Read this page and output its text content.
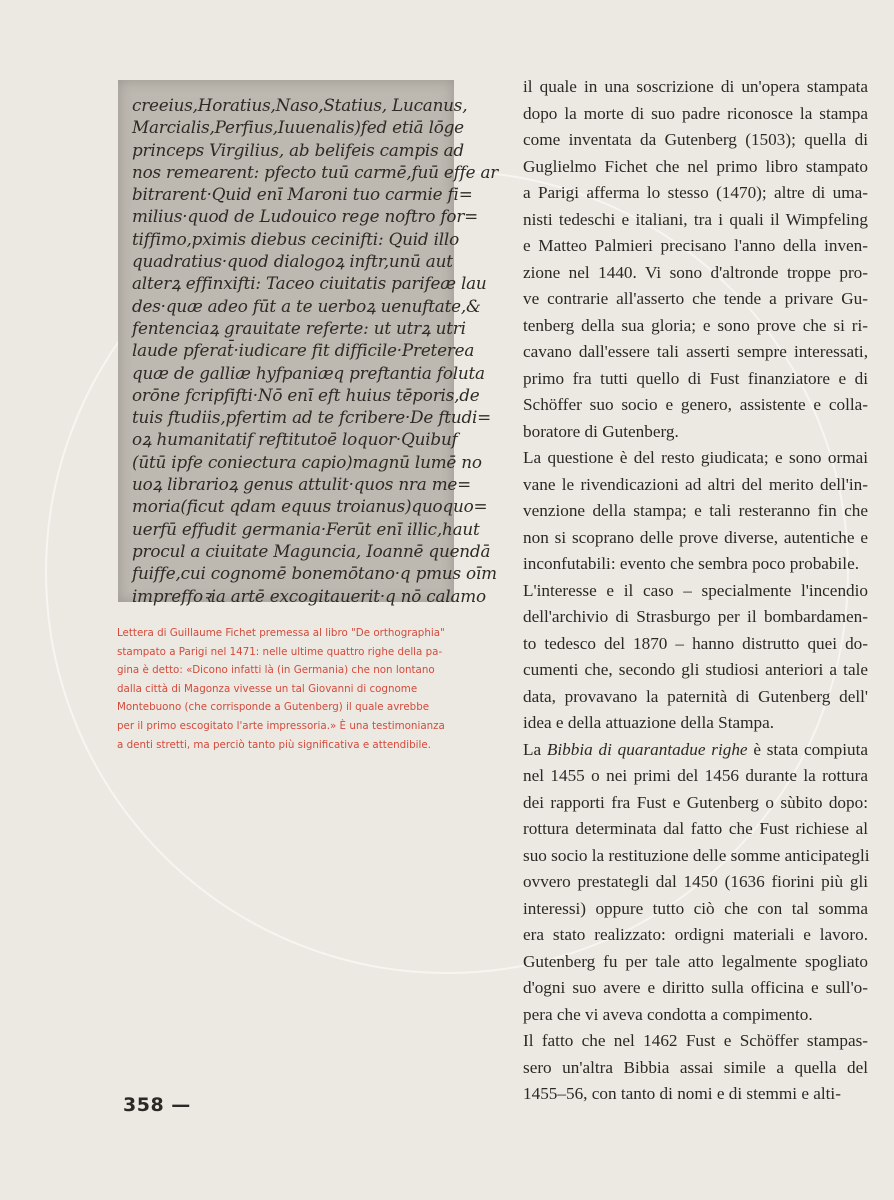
creeius,Horatius,Naso,Statius, Lucanus,
Marcialis,Perfius,Iuuenalis)fed etiā lōge
princeps Virgilius, ab belifeis campis ad
nos remearent: pfecto tuū carmē,fuū effe ar
bitrarent·Quid enī Maroni tuo carmie fi=
milius·quod de Ludouico rege noftro for=
tiffimo,pximis diebus cecinifti: Quid illo
quadratius·quod dialogoꝝ inftr,unū aut
alterꝝ effinxifti: Taceo ciuitatis parifeæ lau
des·quæ adeo fūt a te uerboꝝ uenuftate,&
fentenciaꝝ grauitate referte: ut utrꝝ utri
laude pferat̄·iudicare fit difficile·Preterea
quæ de galliæ hyfpaniæq preftantia foluta
orōne fcripfifti·Nō enī eft huius tēporis,de
tuis ftudiis,pfertim ad te fcribere·De ftudi=
oꝝ humanitatif reftitutoē loquor·Quibuf
(ūtū ipfe coniectura capio)magnū lumē no
uoꝝ librarioꝝ genus attulit·quos nra me=
moria(ficut qdam equus troianus)quoquo=
uerfū effudit germania·Ferūt enī illic,haut
procul a ciuitate Maguncia, Ioannē quendā
fuiffe,cui cognomē bonemōtano·q pmus oīm
impreffoꝛia artē excogitauerit·q nō calamo
Lettera di Guillaume Fichet premessa al libro "De orthographia"
stampato a Parigi nel 1471: nelle ultime quattro righe della pa-
gina è detto: «Dicono infatti là (in Germania) che non lontano
dalla città di Magonza vivesse un tal Giovanni di cognome
Montebuono (che corrisponde a Gutenberg) il quale avrebbe
per il primo escogitato l'arte impressoria.» È una testimonianza
a denti stretti, ma perciò tanto più significativa e attendibile.
il quale in una soscrizione di un'opera stampata
dopo la morte di suo padre riconosce la stampa
come inventata da Gutenberg (1503); quella di
Guglielmo Fichet che nel primo libro stampato
a Parigi afferma lo stesso (1470); altre di uma-
nisti tedeschi e italiani, tra i quali il Wimpfeling
e Matteo Palmieri precisano l'anno della inven-
zione nel 1440. Vi sono d'altronde troppe pro-
ve contrarie all'asserto che tende a privare Gu-
tenberg della sua gloria; e sono prove che si ri-
cavano dall'essere tali asserti sempre interessati,
primo fra tutti quello di Fust finanziatore e di
Schöffer suo socio e genero, assistente e colla-
boratore di Gutenberg.
La questione è del resto giudicata; e sono ormai
vane le rivendicazioni ad altri del merito dell'in-
venzione della stampa; e tali resteranno fin che
non si scoprano delle prove diverse, autentiche e
inconfutabili: evento che sembra poco probabile.
L'interesse e il caso – specialmente l'incendio
dell'archivio di Strasburgo per il bombardamen-
to tedesco del 1870 – hanno distrutto quei do-
cumenti che, secondo gli studiosi anteriori a tale
data, provavano la paternità di Gutenberg dell'
idea e della attuazione della Stampa.
La Bibbia di quarantadue righe è stata compiuta
nel 1455 o nei primi del 1456 durante la rottura
dei rapporti fra Fust e Gutenberg o sùbito dopo:
rottura determinata dal fatto che Fust richiese al
suo socio la restituzione delle somme anticipategli
ovvero prestategli dal 1450 (1636 fiorini più gli
interessi) oppure tutto ciò che con tal somma
era stato realizzato: ordigni materiali e lavoro.
Gutenberg fu per tale atto legalmente spogliato
d'ogni suo avere e diritto sulla officina e sull'o-
pera che vi aveva condotta a compimento.
Il fatto che nel 1462 Fust e Schöffer stampas-
sero un'altra Bibbia assai simile a quella del
1455–56, con tanto di nomi e di stemmi e alti-
358 —
